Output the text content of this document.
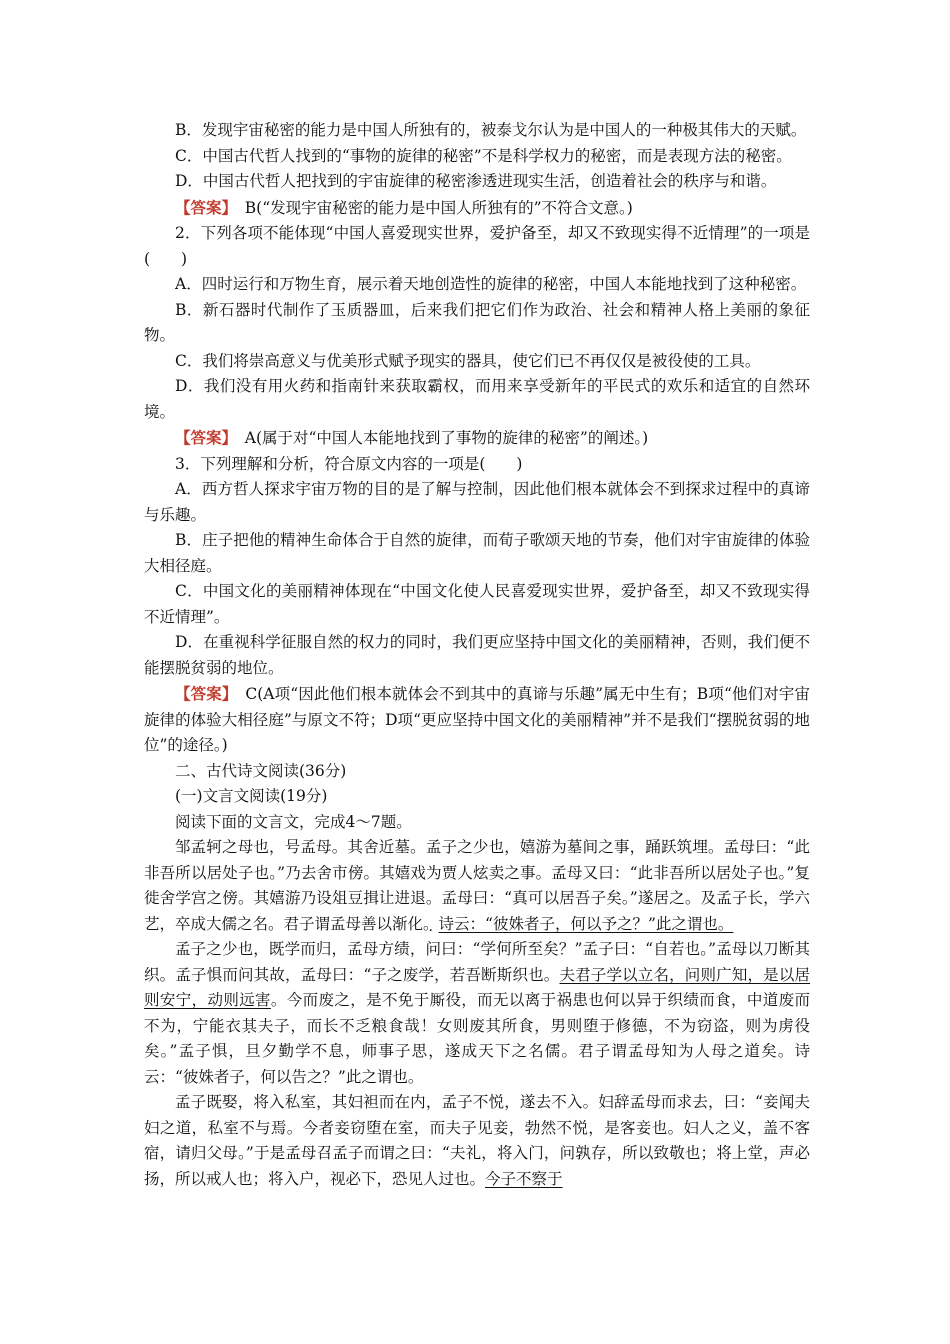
B．发现宇宙秘密的能力是中国人所独有的，被泰戈尔认为是中国人的一种极其伟大的天赋。

C．中国古代哲人找到的“事物的旋律的秘密”不是科学权力的秘密，而是表现方法的秘密。

D．中国古代哲人把找到的宇宙旋律的秘密渗透进现实生活，创造着社会的秩序与和谐。

【答案】　B(“发现宇宙秘密的能力是中国人所独有的”不符合文意。)

2．下列各项不能体现“中国人喜爱现实世界，爱护备至，却又不致现实得不近情理”的一项是(　　)

A．四时运行和万物生育，展示着天地创造性的旋律的秘密，中国人本能地找到了这种秘密。

B．新石器时代制作了玉质器皿，后来我们把它们作为政治、社会和精神人格上美丽的象征物。

C．我们将崇高意义与优美形式赋予现实的器具，使它们已不再仅仅是被役使的工具。

D．我们没有用火药和指南针来获取霸权，而用来享受新年的平民式的欢乐和适宜的自然环境。

【答案】　A(属于对“中国人本能地找到了事物的旋律的秘密”的阐述。)

3．下列理解和分析，符合原文内容的一项是(　　)

A．西方哲人探求宇宙万物的目的是了解与控制，因此他们根本就体会不到探求过程中的真谛与乐趣。

B．庄子把他的精神生命体合于自然的旋律，而荀子歌颂天地的节奏，他们对宇宙旋律的体验大相径庭。

C．中国文化的美丽精神体现在“中国文化使人民喜爱现实世界，爱护备至，却又不致现实得不近情理”。

D．在重视科学征服自然的权力的同时，我们更应坚持中国文化的美丽精神，否则，我们便不能摆脱贫弱的地位。

【答案】　C(A项“因此他们根本就体会不到其中的真谛与乐趣”属无中生有；B项“他们对宇宙旋律的体验大相径庭”与原文不符；D项“更应坚持中国文化的美丽精神”并不是我们“摆脱贫弱的地位”的途径。)

二、古代诗文阅读(36分)

(一)文言文阅读(19分)

阅读下面的文言文，完成4～7题。

邹孟轲之母也，号孟母。其舍近墓。孟子之少也，嬉游为墓间之事，踊跃筑埋。孟母曰：“此非吾所以居处子也。”乃去舍市傍。其嬉戏为贾人炫卖之事。孟母又曰：“此非吾所以居处子也。”复徙舍学宫之傍。其嬉游乃设俎豆揖让进退。孟母曰：“真可以居吾子矣。”遂居之。及孟子长，学六艺，卒成大儒之名。君子谓孟母善以渐化。诗云：“彼姝者子，何以予之？”此之谓也。

孟子之少也，既学而归，孟母方绩，问曰：“学何所至矣？”孟子曰：“自若也。”孟母以刀断其织。孟子惧而问其故，孟母曰：“子之废学，若吾断斯织也。夫君子学以立名，问则广知，是以居则安宁，动则远害。今而废之，是不免于厮役，而无以离于祸患也何以异于织绩而食，中道废而不为，宁能衣其夫子，而长不乏粮食哉！女则废其所食，男则堕于修德，不为窃盗，则为虏役矣。”孟子惧，旦夕勤学不息，师事子思，遂成天下之名儒。君子谓孟母知为人母之道矣。诗云：“彼姝者子，何以告之？”此之谓也。

孟子既娶，将入私室，其妇袒而在内，孟子不悦，遂去不入。妇辞孟母而求去，曰：“妾闻夫妇之道，私室不与焉。今者妾窃堕在室，而夫子见妾，勃然不悦，是客妾也。妇人之义，盖不客宿，请归父母。”于是孟母召孟子而谓之曰：“夫礼，将入门，问孰存，所以致敬也；将上堂，声必扬，所以戒人也；将入户，视必下，恐见人过也。今子不察于
